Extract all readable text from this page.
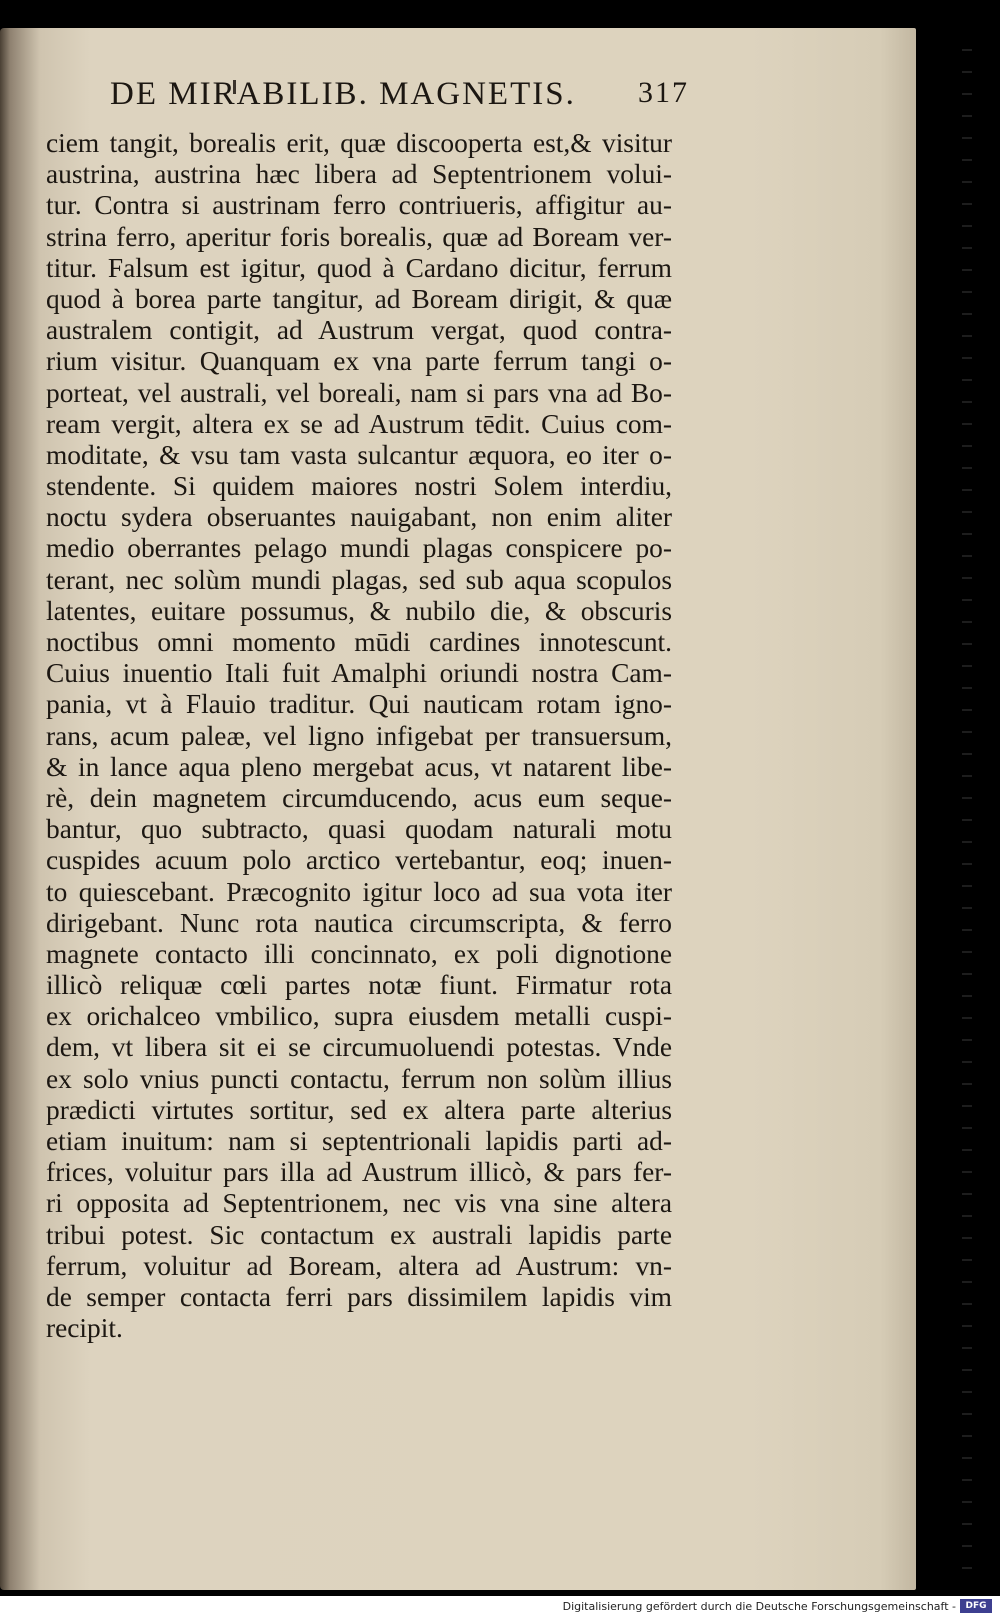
DE MIRABILIB. MAGNETIS. 317
ciem tangit, borealis erit, quæ discooperta est,& visitur
austrina, austrina hæc libera ad Septentrionem volui-
tur. Contra si austrinam ferro contriueris, affigitur au-
strina ferro, aperitur foris borealis, quæ ad Boream ver-
titur. Falsum est igitur, quod à Cardano dicitur, ferrum
quod à borea parte tangitur, ad Boream dirigit, & quæ
australem contigit, ad Austrum vergat, quod contra-
rium visitur. Quanquam ex vna parte ferrum tangi o-
porteat, vel australi, vel boreali, nam si pars vna ad Bo-
ream vergit, altera ex se ad Austrum tēdit. Cuius com-
moditate, & vsu tam vasta sulcantur æquora, eo iter o-
stendente. Si quidem maiores nostri Solem interdiu,
noctu sydera obseruantes nauigabant, non enim aliter
medio oberrantes pelago mundi plagas conspicere po-
terant, nec solùm mundi plagas, sed sub aqua scopulos
latentes, euitare possumus, & nubilo die, & obscuris
noctibus omni momento mūdi cardines innotescunt.
Cuius inuentio Itali fuit Amalphi oriundi nostra Cam-
pania, vt à Flauio traditur. Qui nauticam rotam igno-
rans, acum paleæ, vel ligno infigebat per transuersum,
& in lance aqua pleno mergebat acus, vt natarent libe-
rè, dein magnetem circumducendo, acus eum seque-
bantur, quo subtracto, quasi quodam naturali motu
cuspides acuum polo arctico vertebantur, eoq; inuen-
to quiescebant. Præcognito igitur loco ad sua vota iter
dirigebant. Nunc rota nautica circumscripta, & ferro
magnete contacto illi concinnato, ex poli dignotione
illicò reliquæ cœli partes notæ fiunt. Firmatur rota
ex orichalceo vmbilico, supra eiusdem metalli cuspi-
dem, vt libera sit ei se circumuoluendi potestas. Vnde
ex solo vnius puncti contactu, ferrum non solùm illius
prædicti virtutes sortitur, sed ex altera parte alterius
etiam inuitum: nam si septentrionali lapidis parti ad-
frices, voluitur pars illa ad Austrum illicò, & pars fer-
ri opposita ad Septentrionem, nec vis vna sine altera
tribui potest. Sic contactum ex australi lapidis parte
ferrum, voluitur ad Boream, altera ad Austrum: vn-
de semper contacta ferri pars dissimilem lapidis vim
recipit.
Digitalisierung gefördert durch die Deutsche Forschungsgemeinschaft -	DFG
